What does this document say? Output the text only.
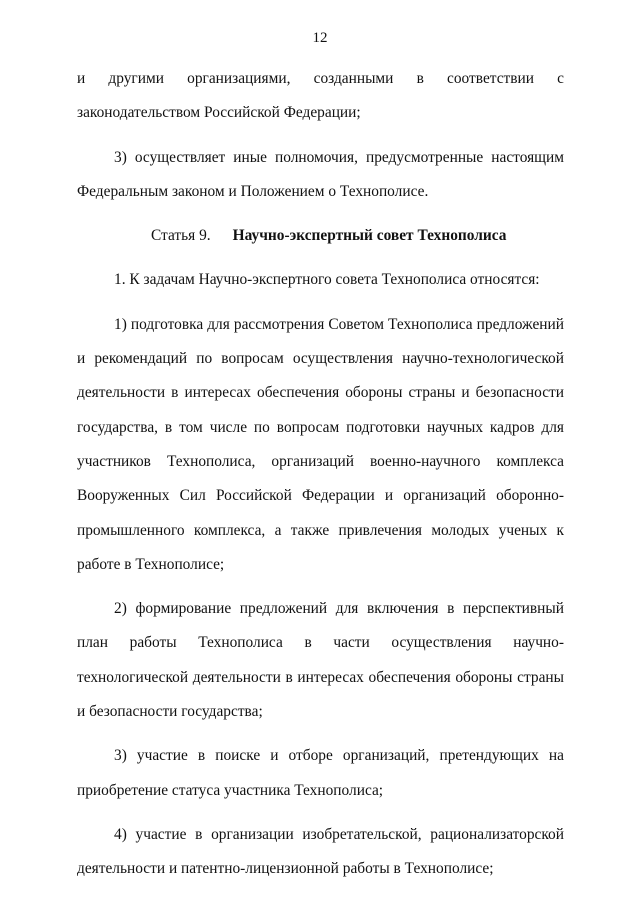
12

и другими организациями, созданными в соответствии с законодательством Российской Федерации;

3) осуществляет иные полномочия, предусмотренные настоящим Федеральным законом и Положением о Технополисе.

Статья 9. Научно-экспертный совет Технополиса

1. К задачам Научно-экспертного совета Технополиса относятся:

1) подготовка для рассмотрения Советом Технополиса предложений и рекомендаций по вопросам осуществления научно-технологической деятельности в интересах обеспечения обороны страны и безопасности государства, в том числе по вопросам подготовки научных кадров для участников Технополиса, организаций военно-научного комплекса Вооруженных Сил Российской Федерации и организаций оборонно-промышленного комплекса, а также привлечения молодых ученых к работе в Технополисе;

2) формирование предложений для включения в перспективный план работы Технополиса в части осуществления научно-технологической деятельности в интересах обеспечения обороны страны и безопасности государства;

3) участие в поиске и отборе организаций, претендующих на приобретение статуса участника Технополиса;

4) участие в организации изобретательской, рационализаторской деятельности и патентно-лицензионной работы в Технополисе;
